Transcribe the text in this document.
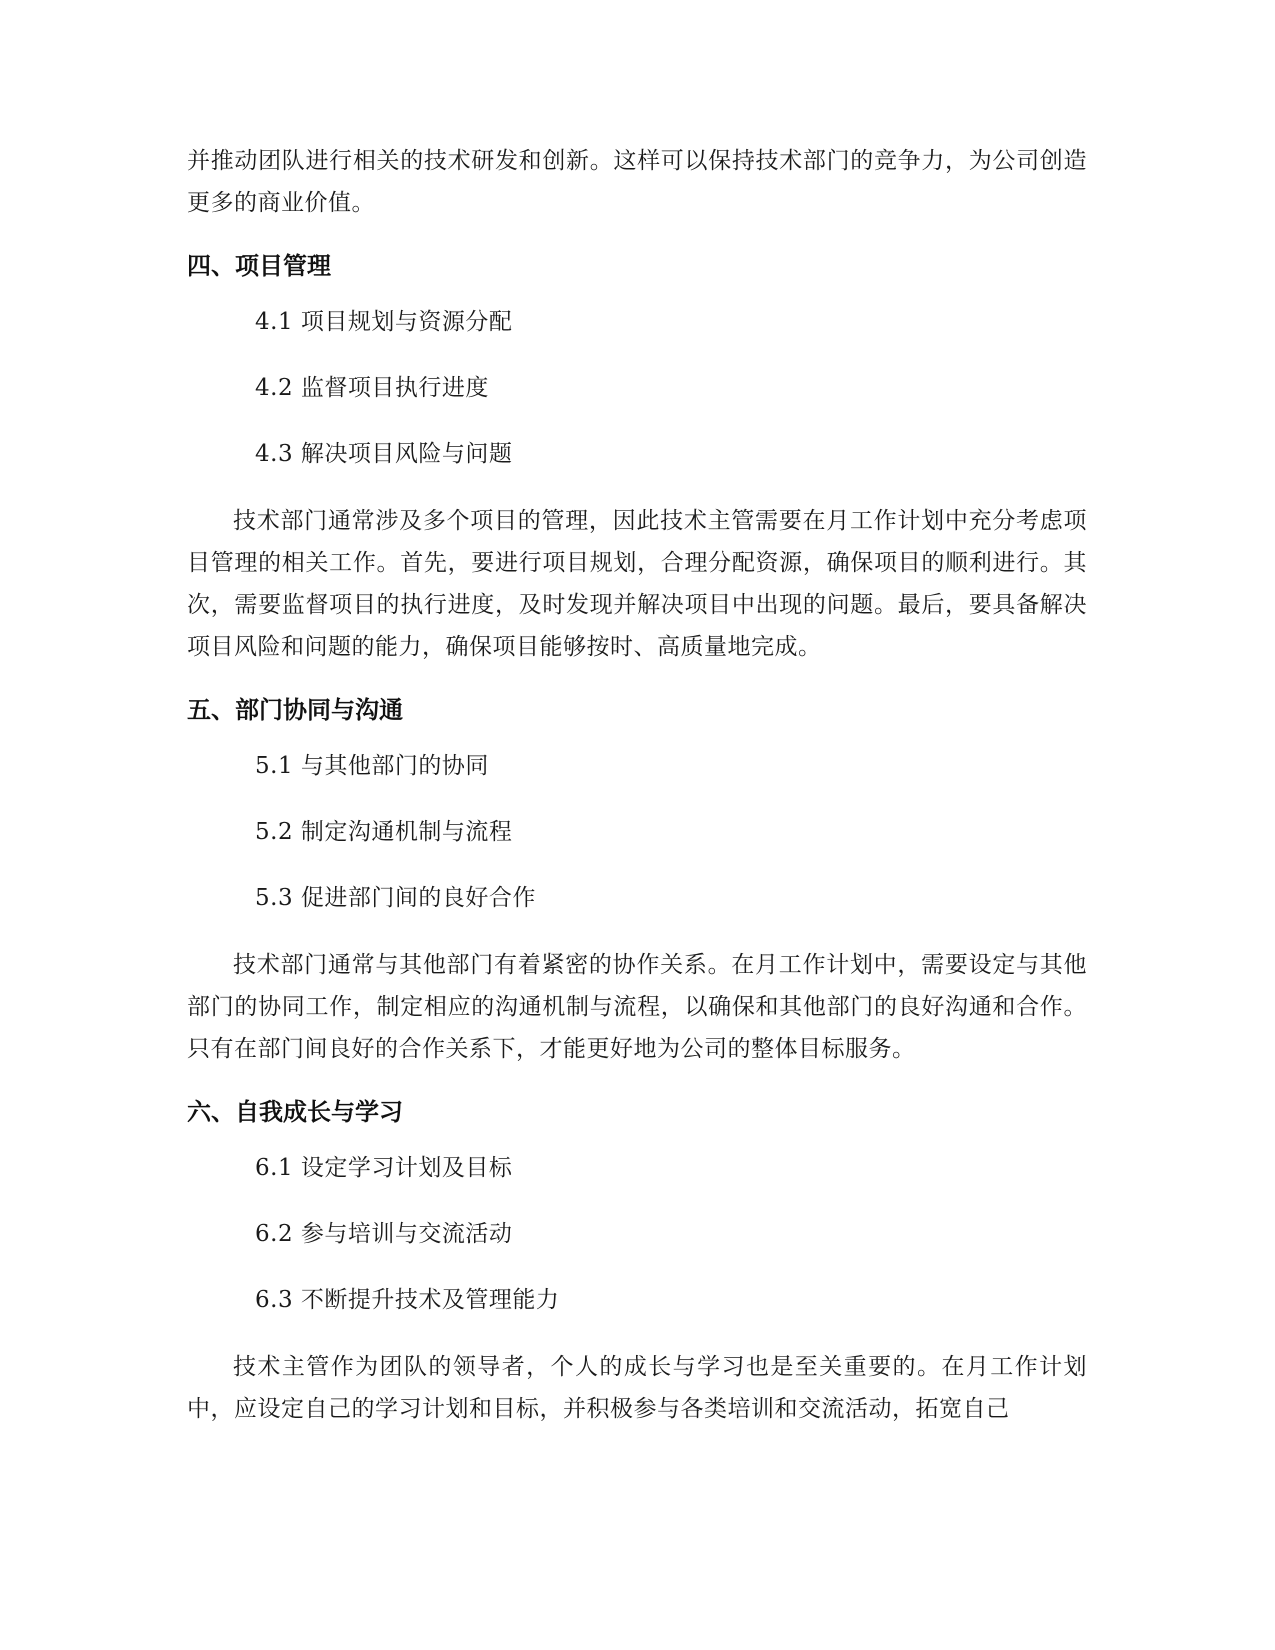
并推动团队进行相关的技术研发和创新。这样可以保持技术部门的竞争力，为公司创造更多的商业价值。

四、项目管理
4.1 项目规划与资源分配
4.2 监督项目执行进度
4.3 解决项目风险与问题

技术部门通常涉及多个项目的管理，因此技术主管需要在月工作计划中充分考虑项目管理的相关工作。首先，要进行项目规划，合理分配资源，确保项目的顺利进行。其次，需要监督项目的执行进度，及时发现并解决项目中出现的问题。最后，要具备解决项目风险和问题的能力，确保项目能够按时、高质量地完成。

五、部门协同与沟通
5.1 与其他部门的协同
5.2 制定沟通机制与流程
5.3 促进部门间的良好合作

技术部门通常与其他部门有着紧密的协作关系。在月工作计划中，需要设定与其他部门的协同工作，制定相应的沟通机制与流程，以确保和其他部门的良好沟通和合作。只有在部门间良好的合作关系下，才能更好地为公司的整体目标服务。

六、自我成长与学习
6.1 设定学习计划及目标
6.2 参与培训与交流活动
6.3 不断提升技术及管理能力

技术主管作为团队的领导者，个人的成长与学习也是至关重要的。在月工作计划中，应设定自己的学习计划和目标，并积极参与各类培训和交流活动，拓宽自己
